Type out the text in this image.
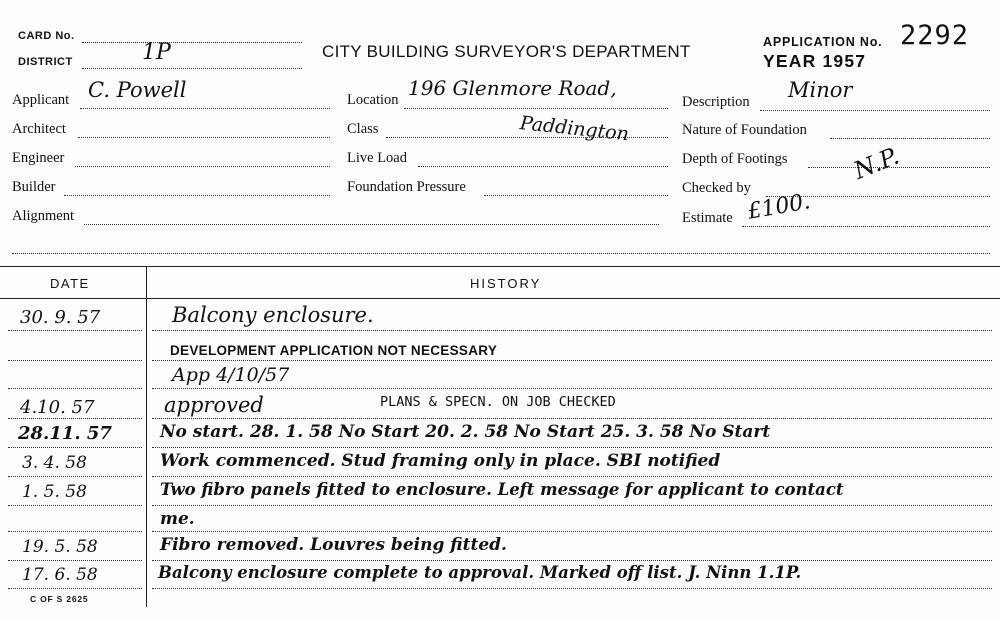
CARD No.
DISTRICT	1P	CITY BUILDING SURVEYOR'S DEPARTMENT	APPLICATION No. 2292
YEAR 1957
Applicant C. Powell
Architect
Engineer
Builder
Alignment
Location 196 Glenmore Road,
Class	Paddington
Live Load
Foundation Pressure
Description Minor
Nature of Foundation
Depth of Footings	N.P.
Checked by
Estimate £100.
DATE	HISTORY
30. 9. 57	Balcony enclosure.
DEVELOPMENT APPLICATION NOT NECESSARY
App 4/10/57
4.10. 57	approved	PLANS & SPECN. ON JOB CHECKED
28.11. 57	No start. 28. 1. 58 No Start 20. 2. 58 No Start 25. 3. 58 No Start
3. 4. 58	Work commenced. Stud framing only in place. SBI notified
1. 5. 58	Two fibro panels fitted to enclosure. Left message for applicant to contact
me.
19. 5. 58	Fibro removed. Louvres being fitted.
17. 6. 58	Balcony enclosure complete to approval. Marked off list. J. Ninn 1.1P.
C OF S 2625
